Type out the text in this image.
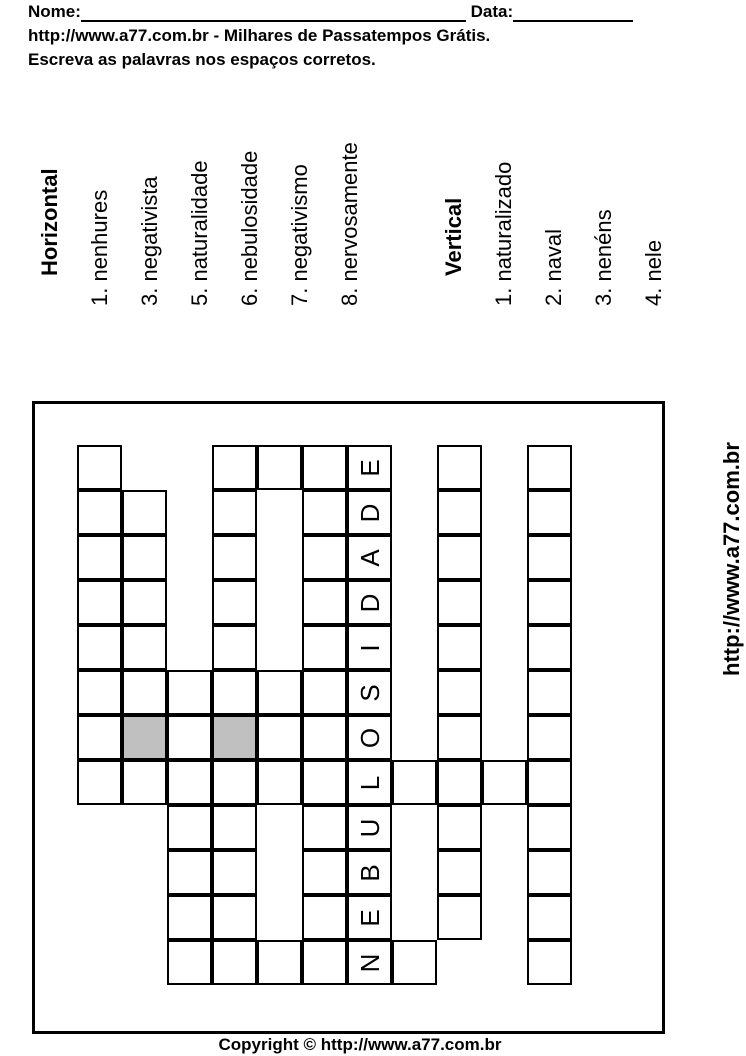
Nome:	Data:
http://www.a77.com.br - Milhares de Passatempos Grátis.
Escreva as palavras nos espaços corretos.
Horizontal 1. nenhures 3. negativista 5. naturalidade 6. nebulosidade 7. negativismo 8. nervosamente	Vertical 1. naturalizado 2. naval 3. nenéns 4. nele
http://www.a77.com.br
E
D
A
D
I
S
O
L
U
B
E
N
Copyright © http://www.a77.com.br
